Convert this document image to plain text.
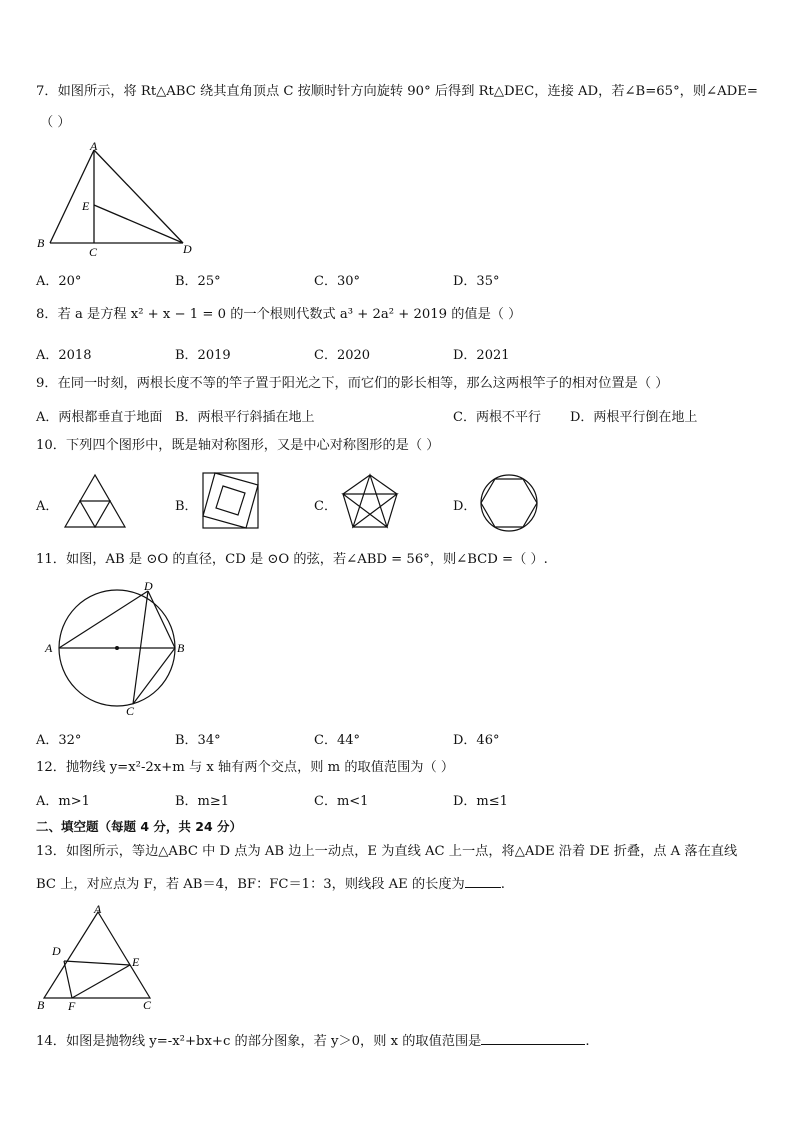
7．如图所示，将 Rt△ABC 绕其直角顶点 C 按顺时针方向旋转 90° 后得到 Rt△DEC，连接 AD，若∠B=65°，则∠ADE=
（ ）
A
B
C	D
E
A．20°	B．25°	C．30°	D．35°
8．若 a 是方程 x² + x − 1 = 0 的一个根则代数式 a³ + 2a² + 2019 的值是（ ）
A．2018	B．2019	C．2020	D．2021
9．在同一时刻，两根长度不等的竿子置于阳光之下，而它们的影长相等，那么这两根竿子的相对位置是（ ）
A．两根都垂直于地面 B．两根平行斜插在地上	C．两根不平行 D．两根平行倒在地上
10．下列四个图形中，既是轴对称图形，又是中心对称图形的是（ ）
A．	B．	C．	D．
11．如图，AB 是 ⊙O 的直径，CD 是 ⊙O 的弦，若∠ABD = 56°，则∠BCD =（ ）.
A	B
C
D
A．32°	B．34°	C．44°	D．46°
12．抛物线 y=x²-2x+m 与 x 轴有两个交点，则 m 的取值范围为（ ）
A．m>1	B．m≥1	C．m<1	D．m≤1
二、填空题（每题 4 分，共 24 分）
13．如图所示，等边△ABC 中 D 点为 AB 边上一动点，E 为直线 AC 上一点，将△ADE 沿着 DE 折叠，点 A 落在直线
BC 上，对应点为 F，若 AB＝4，BF：FC＝1：3，则线段 AE 的长度为	.
A
B	C
D
E
F
14．如图是抛物线 y=-x²+bx+c 的部分图象，若 y＞0，则 x 的取值范围是	.
